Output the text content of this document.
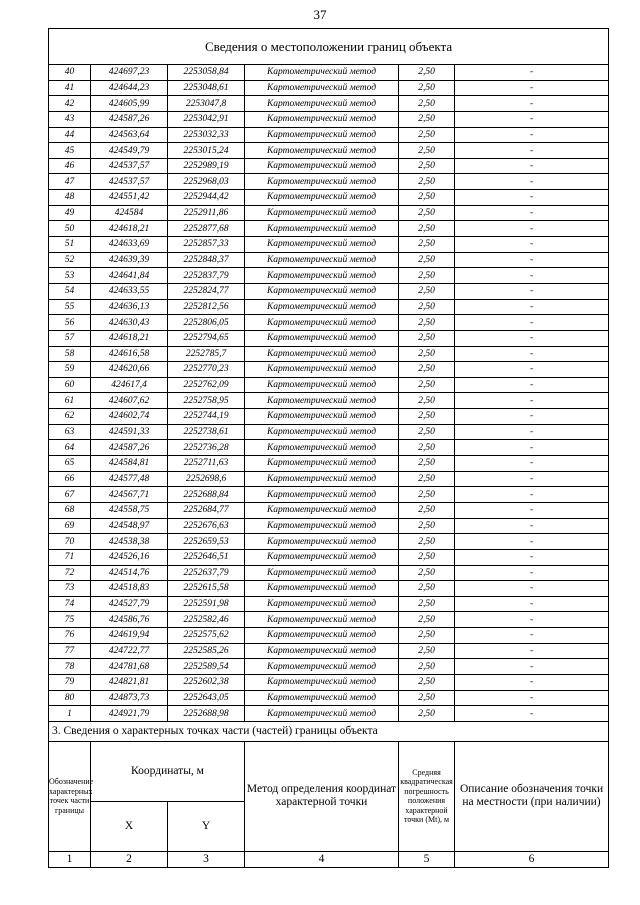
37
Сведения о местоположении границ объекта					
40	424697,23	2253058,84	Картометрический метод	2,50	-
41	424644,23	2253048,61	Картометрический метод	2,50	-
42	424605,99	2253047,8	Картометрический метод	2,50	-
43	424587,26	2253042,91	Картометрический метод	2,50	-
44	424563,64	2253032,33	Картометрический метод	2,50	-
45	424549,79	2253015,24	Картометрический метод	2,50	-
46	424537,57	2252989,19	Картометрический метод	2,50	-
47	424537,57	2252968,03	Картометрический метод	2,50	-
48	424551,42	2252944,42	Картометрический метод	2,50	-
49	424584	2252911,86	Картометрический метод	2,50	-
50	424618,21	2252877,68	Картометрический метод	2,50	-
51	424633,69	2252857,33	Картометрический метод	2,50	-
52	424639,39	2252848,37	Картометрический метод	2,50	-
53	424641,84	2252837,79	Картометрический метод	2,50	-
54	424633,55	2252824,77	Картометрический метод	2,50	-
55	424636,13	2252812,56	Картометрический метод	2,50	-
56	424630,43	2252806,05	Картометрический метод	2,50	-
57	424618,21	2252794,65	Картометрический метод	2,50	-
58	424616,58	2252785,7	Картометрический метод	2,50	-
59	424620,66	2252770,23	Картометрический метод	2,50	-
60	424617,4	2252762,09	Картометрический метод	2,50	-
61	424607,62	2252758,95	Картометрический метод	2,50	-
62	424602,74	2252744,19	Картометрический метод	2,50	-
63	424591,33	2252738,61	Картометрический метод	2,50	-
64	424587,26	2252736,28	Картометрический метод	2,50	-
65	424584,81	2252711,63	Картометрический метод	2,50	-
66	424577,48	2252698,6	Картометрический метод	2,50	-
67	424567,71	2252688,84	Картометрический метод	2,50	-
68	424558,75	2252684,77	Картометрический метод	2,50	-
69	424548,97	2252676,63	Картометрический метод	2,50	-
70	424538,38	2252659,53	Картометрический метод	2,50	-
71	424526,16	2252646,51	Картометрический метод	2,50	-
72	424514,76	2252637,79	Картометрический метод	2,50	-
73	424518,83	2252615,58	Картометрический метод	2,50	-
74	424527,79	2252591,98	Картометрический метод	2,50	-
75	424586,76	2252582,46	Картометрический метод	2,50	-
76	424619,94	2252575,62	Картометрический метод	2,50	-
77	424722,77	2252585,26	Картометрический метод	2,50	-
78	424781,68	2252589,54	Картометрический метод	2,50	-
79	424821,81	2252602,38	Картометрический метод	2,50	-
80	424873,73	2252643,05	Картометрический метод	2,50	-
1	424921,79	2252688,98	Картометрический метод	2,50	-
3. Сведения о характерных точках части (частей) границы объекта					
Обозначение характерных точек части границы	Координаты, м		Метод определения координат характерной точки	Средняя квадратическая погрешность положения характерной точки (Mt), м	Описание обозначения точки на местности (при наличии)
	X	Y			
1	2	3	4	5	6
